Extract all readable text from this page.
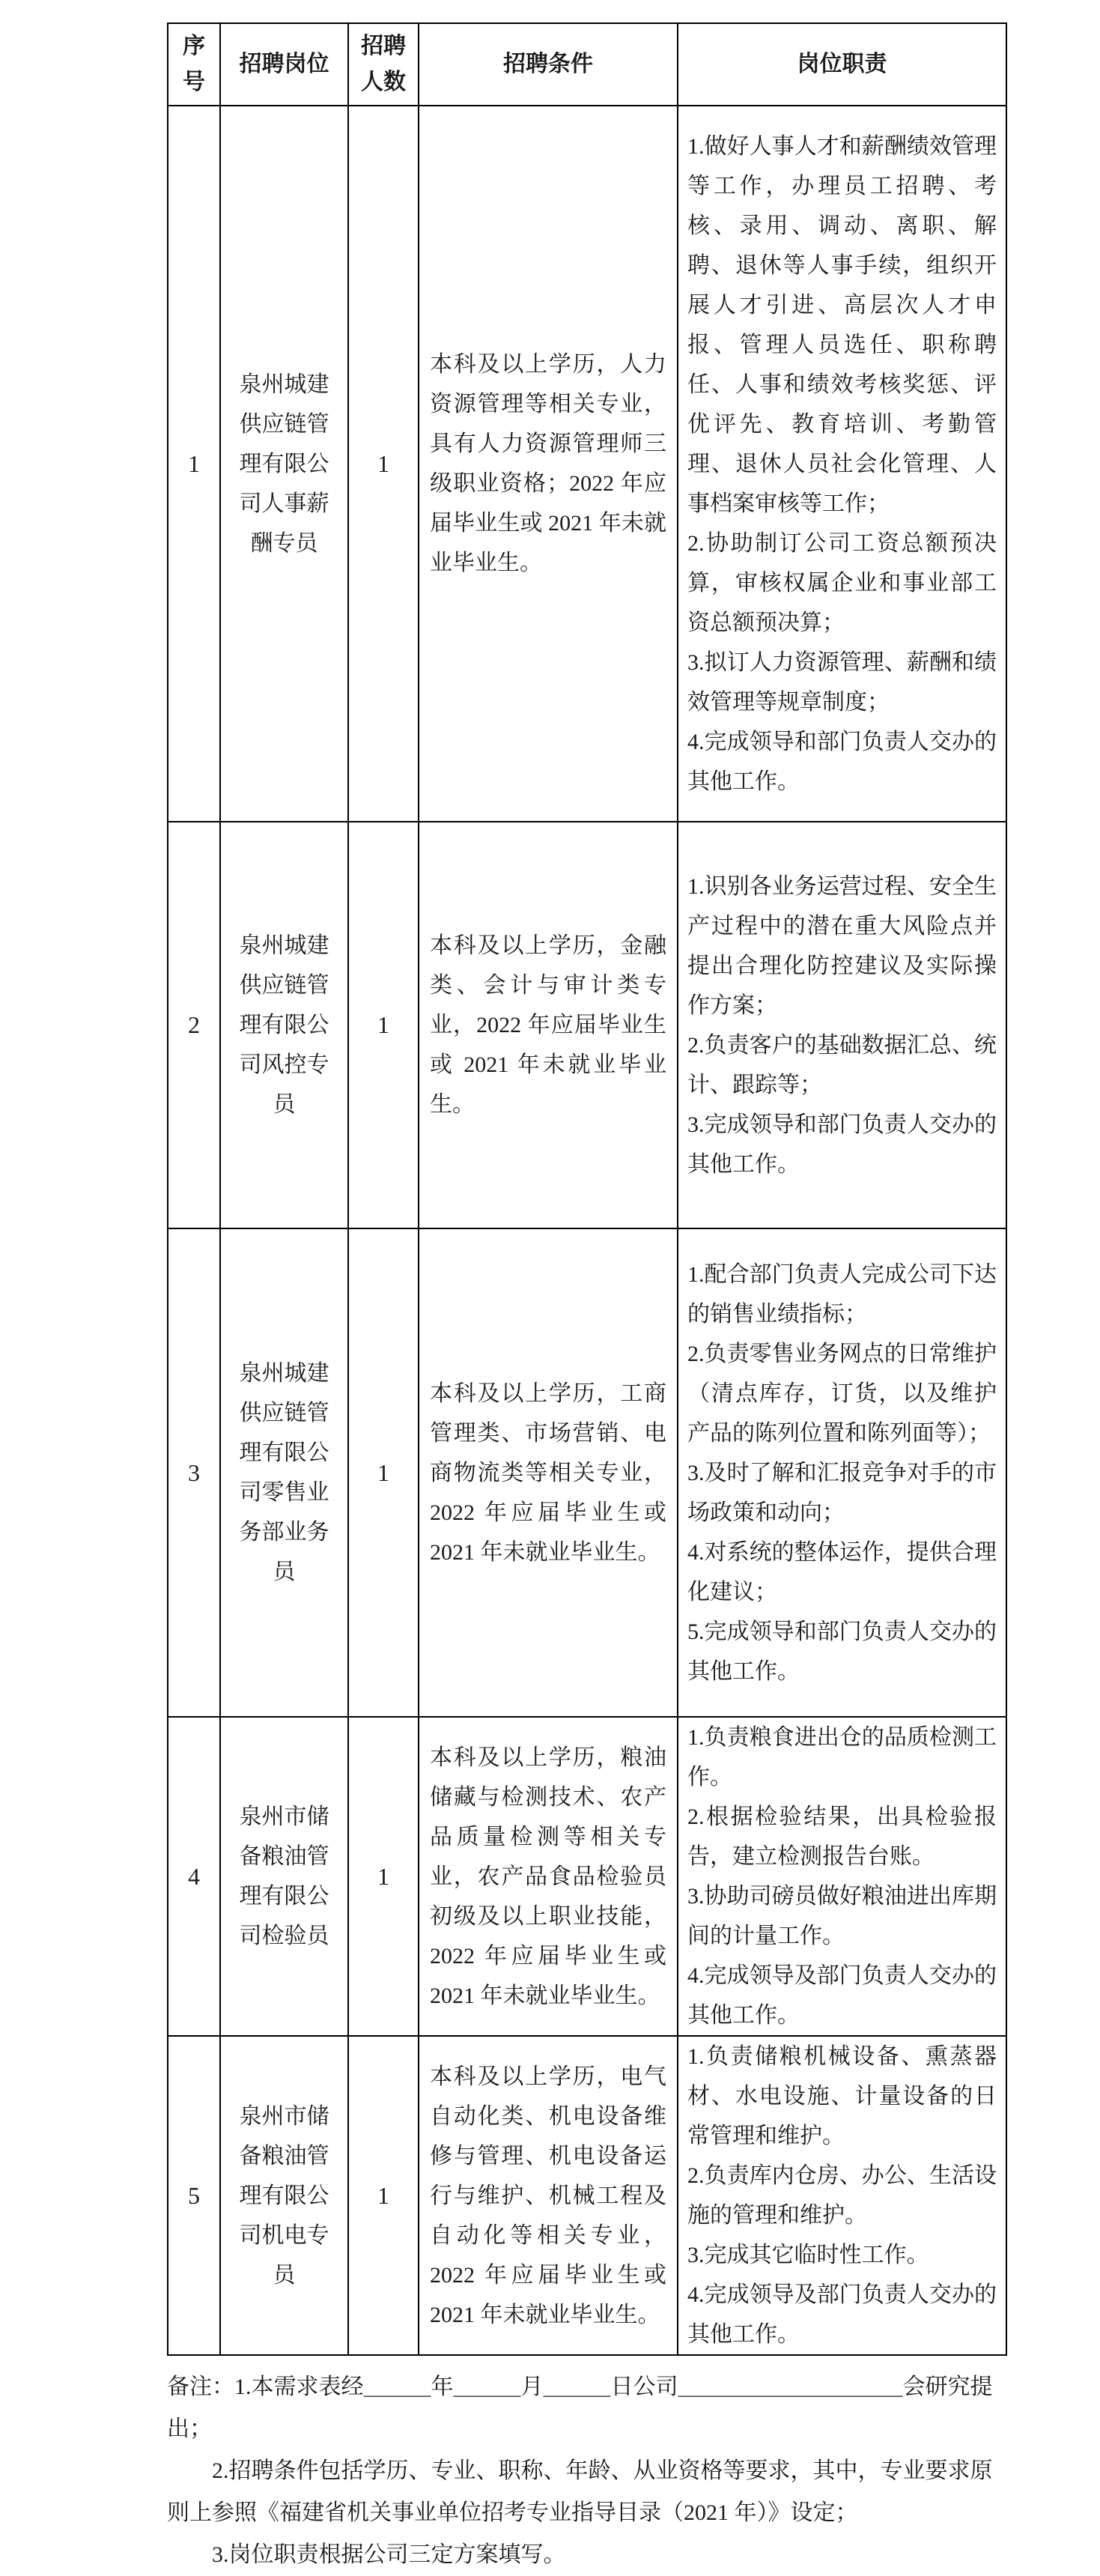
序号	招聘岗位	招聘人数	招聘条件	岗位职责
1	泉州城建供应链管理有限公司人事薪酬专员	1	本科及以上学历，人力资源管理等相关专业，具有人力资源管理师三级职业资格；2022 年应届毕业生或 2021 年未就业毕业生。	1.做好人事人才和薪酬绩效管理等工作，办理员工招聘、考核、录用、调动、离职、解聘、退休等人事手续，组织开展人才引进、高层次人才申报、管理人员选任、职称聘任、人事和绩效考核奖惩、评优评先、教育培训、考勤管理、退休人员社会化管理、人事档案审核等工作；

2.协助制订公司工资总额预决算，审核权属企业和事业部工资总额预决算；

3.拟订人力资源管理、薪酬和绩效管理等规章制度；

4.完成领导和部门负责人交办的其他工作。

2	泉州城建供应链管理有限公司风控专员	1	本科及以上学历，金融类、会计与审计类专业，2022 年应届毕业生或 2021 年未就业毕业生。	1.识别各业务运营过程、安全生产过程中的潜在重大风险点并提出合理化防控建议及实际操作方案；

2.负责客户的基础数据汇总、统计、跟踪等；

3.完成领导和部门负责人交办的其他工作。

3	泉州城建供应链管理有限公司零售业务部业务员	1	本科及以上学历，工商管理类、市场营销、电商物流类等相关专业，2022 年应届毕业生或 2021 年未就业毕业生。	1.配合部门负责人完成公司下达的销售业绩指标；

2.负责零售业务网点的日常维护（清点库存，订货，以及维护产品的陈列位置和陈列面等）；

3.及时了解和汇报竞争对手的市场政策和动向；

4.对系统的整体运作，提供合理化建议；

5.完成领导和部门负责人交办的其他工作。

4	泉州市储备粮油管理有限公司检验员	1	本科及以上学历，粮油储藏与检测技术、农产品质量检测等相关专业，农产品食品检验员初级及以上职业技能，2022 年应届毕业生或 2021 年未就业毕业生。	1.负责粮食进出仓的品质检测工作。

2.根据检验结果，出具检验报告，建立检测报告台账。

3.协助司磅员做好粮油进出库期间的计量工作。

4.完成领导及部门负责人交办的其他工作。

5	泉州市储备粮油管理有限公司机电专员	1	本科及以上学历，电气自动化类、机电设备维修与管理、机电设备运行与维护、机械工程及自动化等相关专业，2022 年应届毕业生或 2021 年未就业毕业生。	1.负责储粮机械设备、熏蒸器材、水电设施、计量设备的日常管理和维护。

2.负责库内仓房、办公、生活设施的管理和维护。

3.完成其它临时性工作。

4.完成领导及部门负责人交办的其他工作。

备注：1.本需求表经＿＿＿年＿＿＿月＿＿＿日公司＿＿＿＿＿＿＿＿＿＿会研究提出；

2.招聘条件包括学历、专业、职称、年龄、从业资格等要求，其中，专业要求原则上参照《福建省机关事业单位招考专业指导目录（2021 年）》设定；

3.岗位职责根据公司三定方案填写。
